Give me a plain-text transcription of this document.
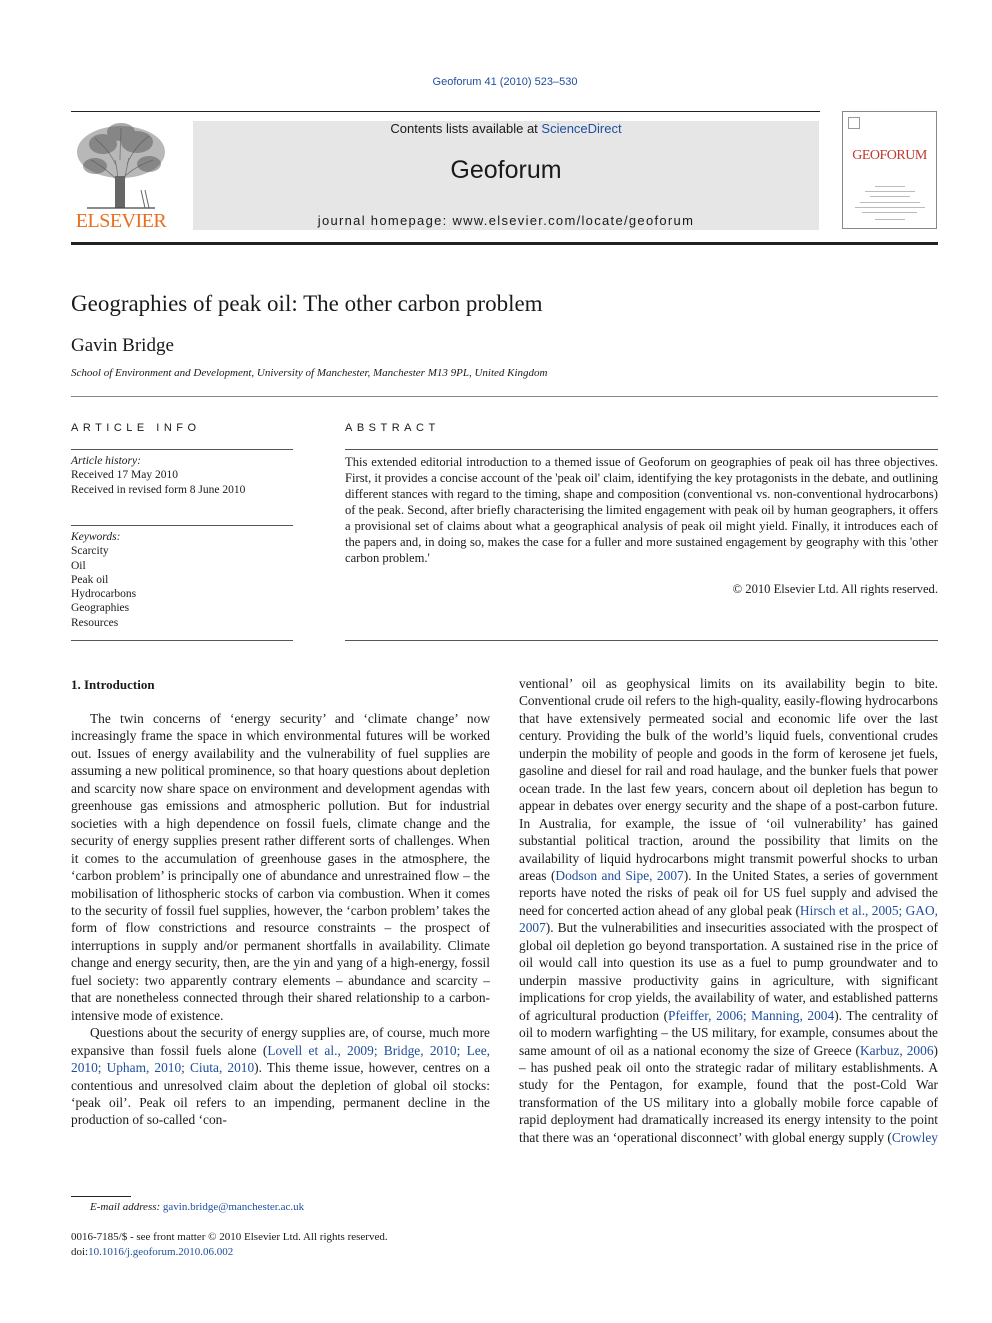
Geoforum 41 (2010) 523–530
Contents lists available at ScienceDirect
Geoforum
journal homepage: www.elsevier.com/locate/geoforum
ELSEVIER
GEOFORUM
Geographies of peak oil: The other carbon problem
Gavin Bridge
School of Environment and Development, University of Manchester, Manchester M13 9PL, United Kingdom
ARTICLE INFO
Article history:
Received 17 May 2010
Received in revised form 8 June 2010
Keywords:
Scarcity
Oil
Peak oil
Hydrocarbons
Geographies
Resources
ABSTRACT
This extended editorial introduction to a themed issue of Geoforum on geographies of peak oil has three objectives. First, it provides a concise account of the 'peak oil' claim, identifying the key protagonists in the debate, and outlining different stances with regard to the timing, shape and composition (conventional vs. non-conventional hydrocarbons) of the peak. Second, after briefly characterising the limited engagement with peak oil by human geographers, it offers a provisional set of claims about what a geographical analysis of peak oil might yield. Finally, it introduces each of the papers and, in doing so, makes the case for a fuller and more sustained engagement by geography with this 'other carbon problem.'
© 2010 Elsevier Ltd. All rights reserved.
1. Introduction

The twin concerns of ‘energy security’ and ‘climate change’ now increasingly frame the space in which environmental futures will be worked out. Issues of energy availability and the vulnerability of fuel supplies are assuming a new political prominence, so that hoary questions about depletion and scarcity now share space on environment and development agendas with greenhouse gas emissions and atmospheric pollution. But for industrial societies with a high dependence on fossil fuels, climate change and the security of energy supplies present rather different sorts of challenges. When it comes to the accumulation of greenhouse gases in the atmosphere, the ‘carbon problem’ is principally one of abundance and unrestrained flow – the mobilisation of lithospheric stocks of carbon via combustion. When it comes to the security of fossil fuel supplies, however, the ‘carbon problem’ takes the form of flow constrictions and resource constraints – the prospect of interruptions in supply and/or permanent shortfalls in availability. Climate change and energy security, then, are the yin and yang of a high-energy, fossil fuel society: two apparently contrary elements – abundance and scarcity – that are nonetheless connected through their shared relationship to a carbon-intensive mode of existence.

Questions about the security of energy supplies are, of course, much more expansive than fossil fuels alone (Lovell et al., 2009; Bridge, 2010; Lee, 2010; Upham, 2010; Ciuta, 2010). This theme issue, however, centres on a contentious and unresolved claim about the depletion of global oil stocks: ‘peak oil’. Peak oil refers to an impending, permanent decline in the production of so-called ‘con-

ventional’ oil as geophysical limits on its availability begin to bite. Conventional crude oil refers to the high-quality, easily-flowing hydrocarbons that have extensively permeated social and economic life over the last century. Providing the bulk of the world’s liquid fuels, conventional crudes underpin the mobility of people and goods in the form of kerosene jet fuels, gasoline and diesel for rail and road haulage, and the bunker fuels that power ocean trade. In the last few years, concern about oil depletion has begun to appear in debates over energy security and the shape of a post-carbon future. In Australia, for example, the issue of ‘oil vulnerability’ has gained substantial political traction, around the possibility that limits on the availability of liquid hydrocarbons might transmit powerful shocks to urban areas (Dodson and Sipe, 2007). In the United States, a series of government reports have noted the risks of peak oil for US fuel supply and advised the need for concerted action ahead of any global peak (Hirsch et al., 2005; GAO, 2007). But the vulnerabilities and insecurities associated with the prospect of global oil depletion go beyond transportation. A sustained rise in the price of oil would call into question its use as a fuel to pump groundwater and to underpin massive productivity gains in agriculture, with significant implications for crop yields, the availability of water, and established patterns of agricultural production (Pfeiffer, 2006; Manning, 2004). The centrality of oil to modern warfighting – the US military, for example, consumes about the same amount of oil as a national economy the size of Greece (Karbuz, 2006) – has pushed peak oil onto the strategic radar of military establishments. A study for the Pentagon, for example, found that the post-Cold War transformation of the US military into a globally mobile force capable of rapid deployment had dramatically increased its energy intensity to the point that there was an ‘operational disconnect’ with global energy supply (Crowley

E-mail address: gavin.bridge@manchester.ac.uk
0016-7185/$ - see front matter © 2010 Elsevier Ltd. All rights reserved.
doi:10.1016/j.geoforum.2010.06.002
